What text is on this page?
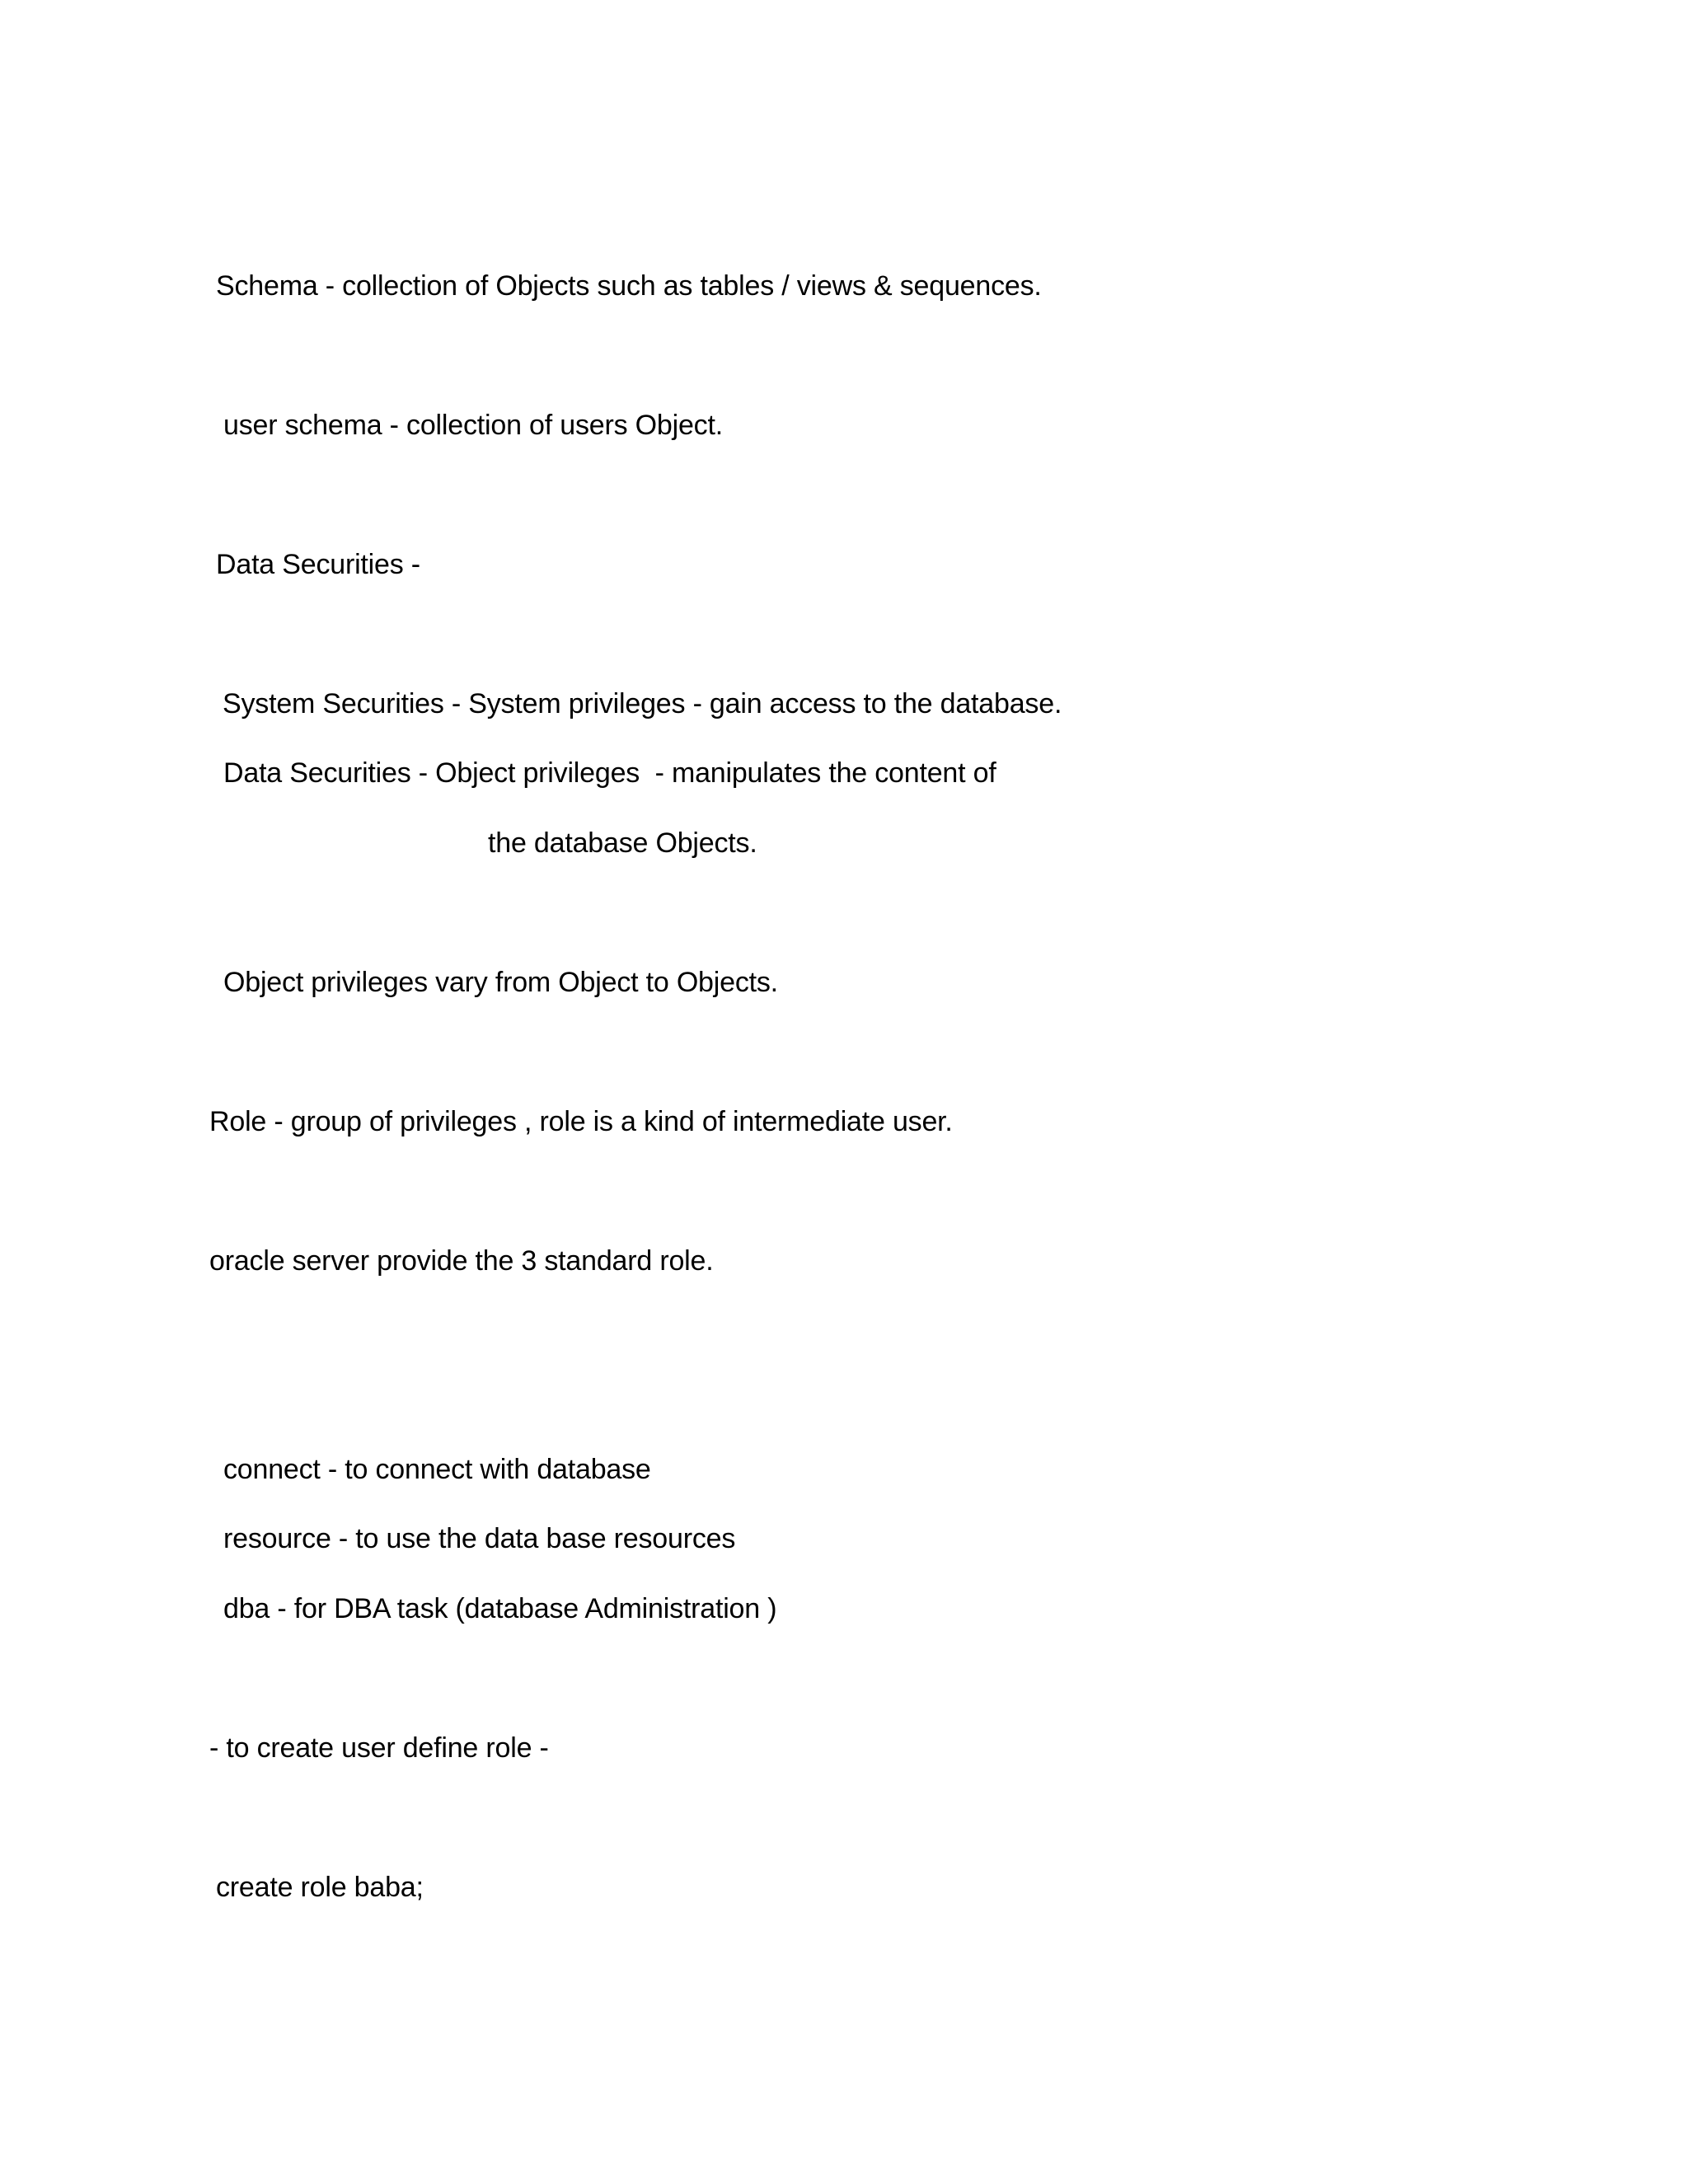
Schema - collection of Objects such as tables / views & sequences.
user schema - collection of users Object.
Data Securities -
System Securities - System privileges - gain access to the database.
Data Securities - Object privileges  - manipulates the content of
the database Objects.
Object privileges vary from Object to Objects.
Role - group of privileges , role is a kind of intermediate user.
oracle server provide the 3 standard role.
connect - to connect with database
resource - to use the data base resources
dba - for DBA task (database Administration )
- to create user define role -
create role baba;
